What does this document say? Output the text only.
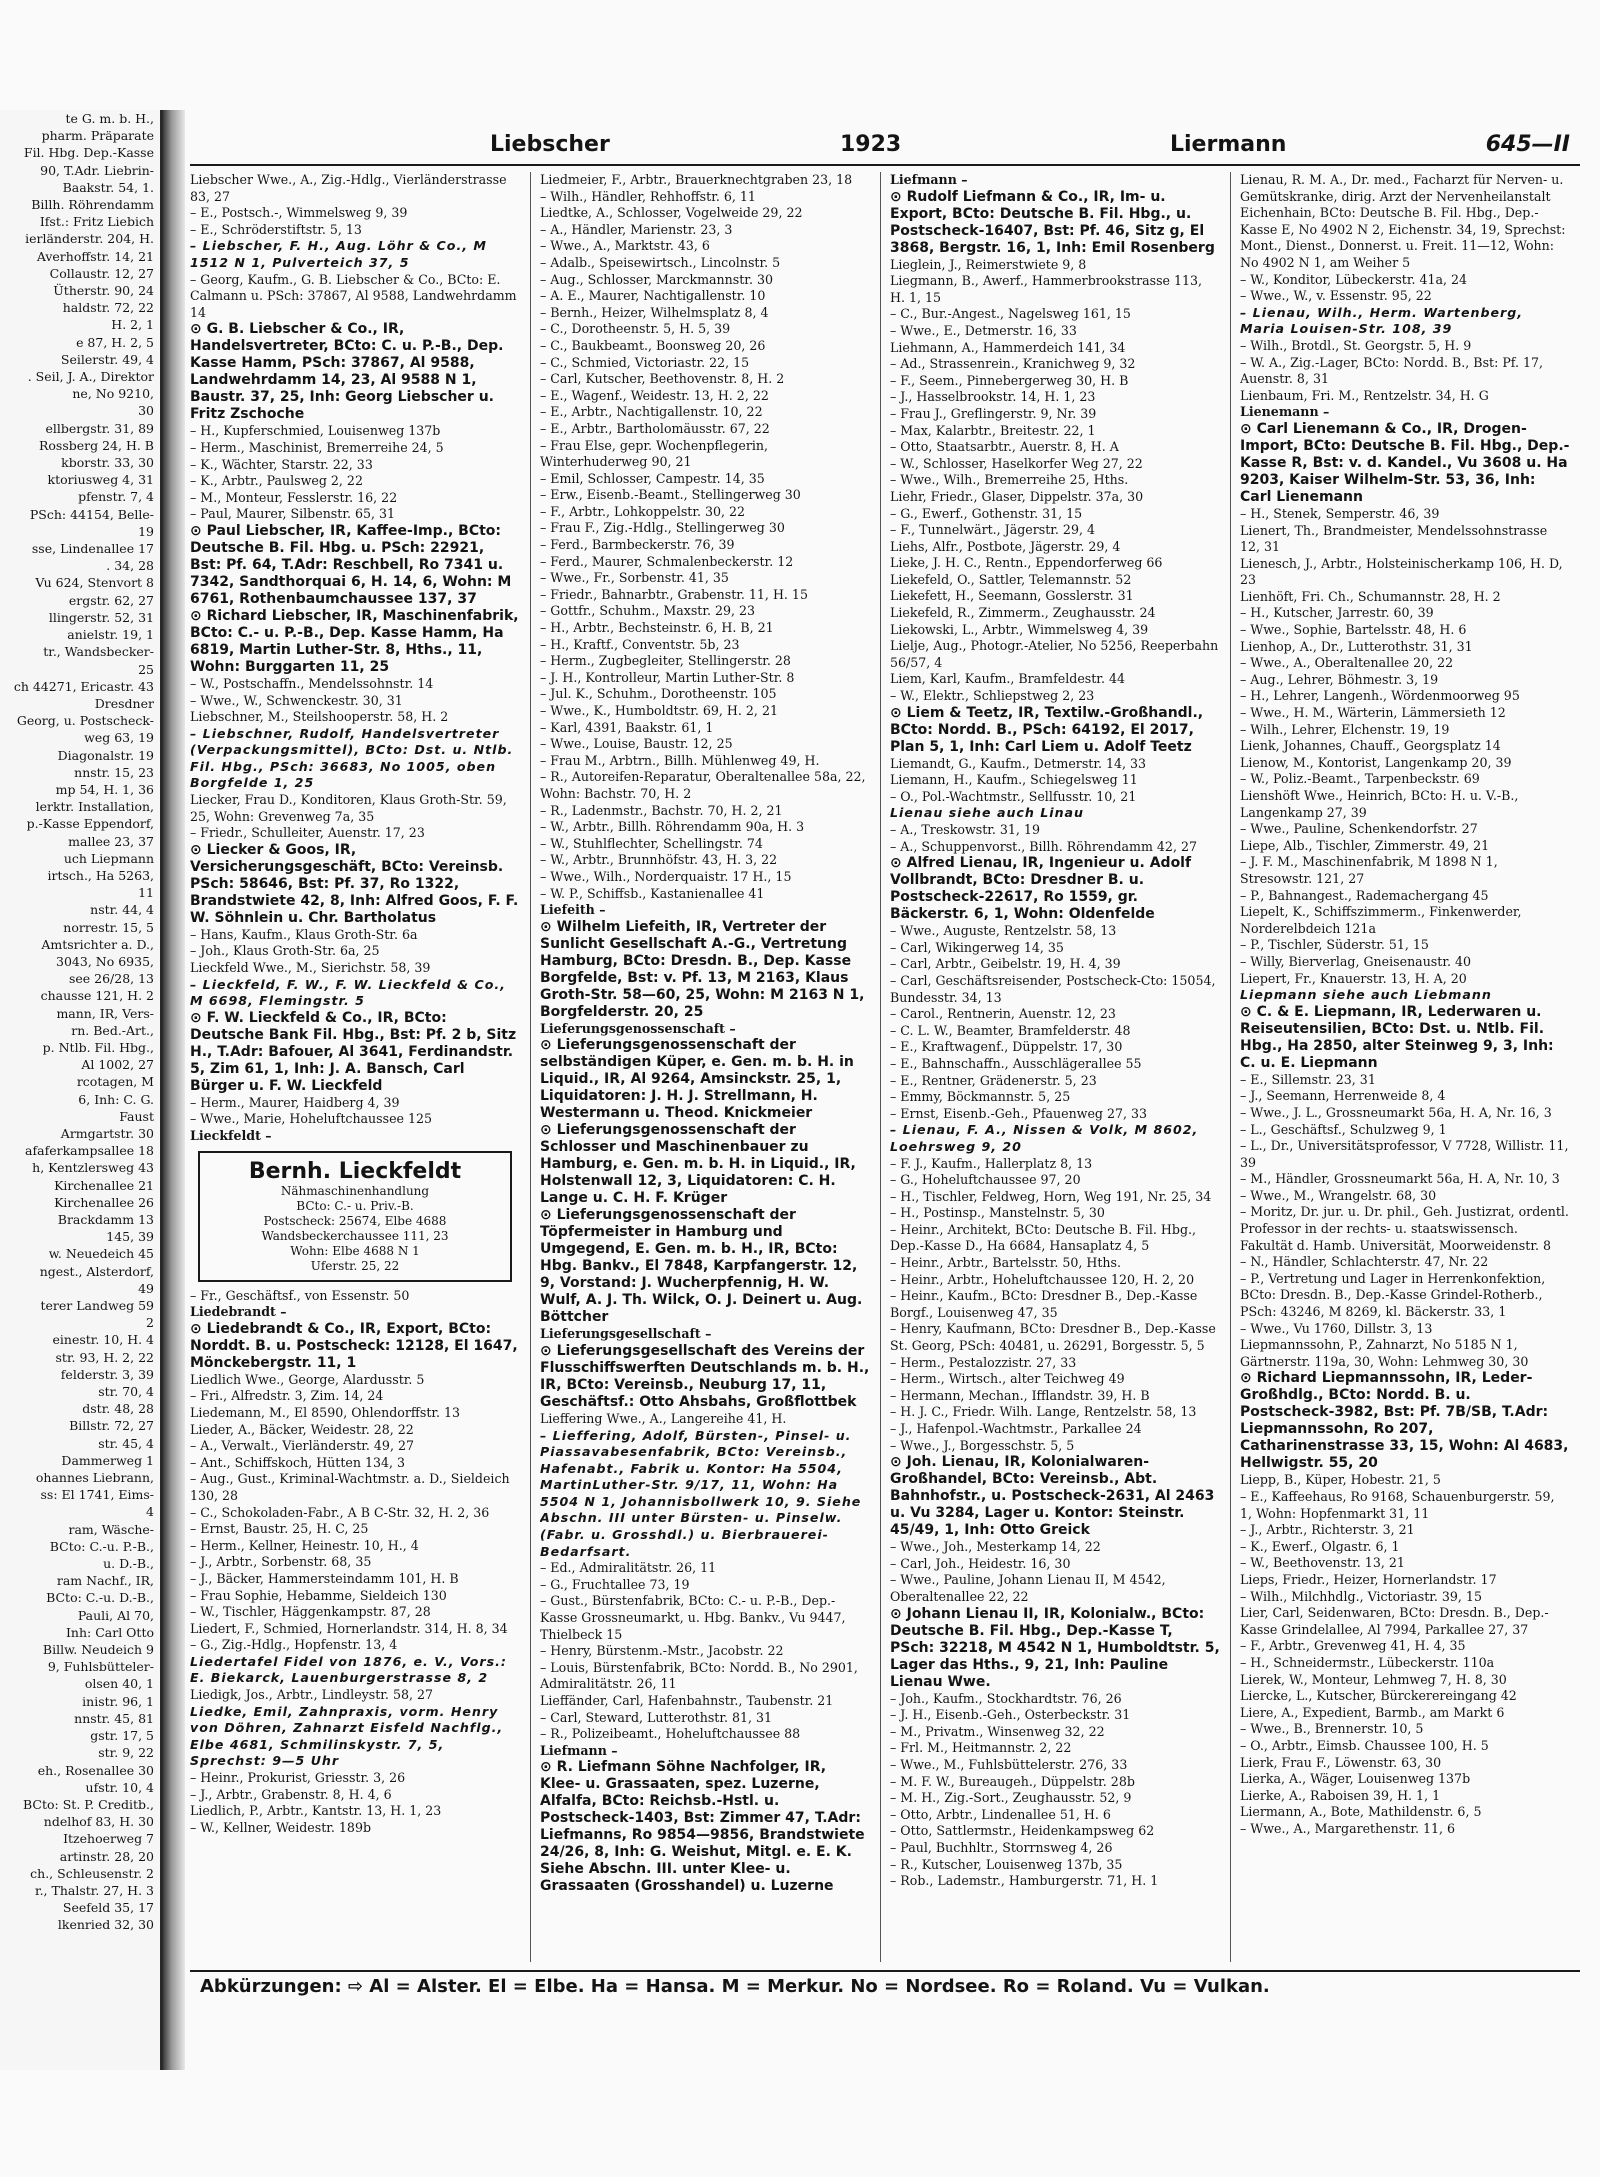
te G. m. b. H.,
pharm. Präparate
Fil. Hbg. Dep.-Kasse
90, T.Adr. Liebrin-
Baakstr. 54, 1.
Billh. Röhrendamm
Ifst.: Fritz Liebich
ierländerstr. 204, H.
Averhoffstr. 14, 21
Collaustr. 12, 27
Ütherstr. 90, 24
haldstr. 72, 22
H. 2, 1
e 87, H. 2, 5
Seilerstr. 49, 4
. Seil, J. A., Direktor
ne, No 9210,
30
ellbergstr. 31, 89
Rossberg 24, H. B
kborstr. 33, 30
ktoriusweg 4, 31
pfenstr. 7, 4
PSch: 44154, Belle-
19
sse, Lindenallee 17
. 34, 28
Vu 624, Stenvort 8
ergstr. 62, 27
llingerstr. 52, 31
anielstr. 19, 1
tr., Wandsbecker-
25
ch 44271, Ericastr. 43
Dresdner
Georg, u. Postscheck-
weg 63, 19
Diagonalstr. 19
nnstr. 15, 23
mp 54, H. 1, 36
lerktr. Installation,
p.-Kasse Eppendorf,
mallee 23, 37
uch Liepmann
irtsch., Ha 5263,
11
nstr. 44, 4
norrestr. 15, 5
Amtsrichter a. D.,
3043, No 6935,
see 26/28, 13
chausse 121, H. 2
mann, IR, Vers-
rn. Bed.-Art.,
p. Ntlb. Fil. Hbg.,
Al 1002, 27
rcotagen, M
6, Inh: C. G.
Faust
Armgartstr. 30
afaferkampsallee 18
h, Kentzlersweg 43
Kirchenallee 21
Kirchenallee 26
Brackdamm 13
145, 39
w. Neuedeich 45
ngest., Alsterdorf,
49
terer Landweg 59
2
einestr. 10, H. 4
str. 93, H. 2, 22
felderstr. 3, 39
str. 70, 4
dstr. 48, 28
Billstr. 72, 27
str. 45, 4
Dammerweg 1
ohannes Liebrann,
ss: El 1741, Eims-
4
ram, Wäsche-
BCto: C.-u. P.-B.,
u. D.-B.,
ram Nachf., IR,
BCto: C.-u. D.-B.,
Pauli, Al 70,
Inh: Carl Otto
Billw. Neudeich 9
9, Fuhlsbütteler-
olsen 40, 1
inistr. 96, 1
nnstr. 45, 81
gstr. 17, 5
str. 9, 22
eh., Rosenallee 30
ufstr. 10, 4
BCto: St. P. Creditb.,
ndelhof 83, H. 30
Itzehoerweg 7
artinstr. 28, 20
ch., Schleusenstr. 2
r., Thalstr. 27, H. 3
Seefeld 35, 17
lkenried 32, 30
Liebscher	1923	Liermann	645—II

Liebscher Wwe., A., Zig.-Hdlg., Vierländerstrasse 83, 27

– E., Postsch.-, Wimmelsweg 9, 39

– E., Schröderstiftstr. 5, 13

– Liebscher, F. H., Aug. Löhr & Co., M 1512 N 1, Pulverteich 37, 5

– Georg, Kaufm., G. B. Liebscher & Co., BCto: E. Calmann u. PSch: 37867, Al 9588, Landwehrdamm 14

⊙ G. B. Liebscher & Co., IR, Handelsvertreter, BCto: C. u. P.-B., Dep. Kasse Hamm, PSch: 37867, Al 9588, Landwehrdamm 14, 23, Al 9588 N 1, Baustr. 37, 25, Inh: Georg Liebscher u. Fritz Zschoche

– H., Kupferschmied, Louisenweg 137b

– Herm., Maschinist, Bremerreihe 24, 5

– K., Wächter, Starstr. 22, 33

– K., Arbtr., Paulsweg 2, 22

– M., Monteur, Fesslerstr. 16, 22

– Paul, Maurer, Silbenstr. 65, 31

⊙ Paul Liebscher, IR, Kaffee-Imp., BCto: Deutsche B. Fil. Hbg. u. PSch: 22921, Bst: Pf. 64, T.Adr: Reschbell, Ro 7341 u. 7342, Sandthorquai 6, H. 14, 6, Wohn: M 6761, Rothenbaumchaussee 137, 37

⊙ Richard Liebscher, IR, Maschinenfabrik, BCto: C.- u. P.-B., Dep. Kasse Hamm, Ha 6819, Martin Luther-Str. 8, Hths., 11, Wohn: Burggarten 11, 25

– W., Postschaffn., Mendelssohnstr. 14

– Wwe., W., Schwenckestr. 30, 31

Liebschner, M., Steilshooperstr. 58, H. 2

– Liebschner, Rudolf, Handelsvertreter (Verpackungsmittel), BCto: Dst. u. Ntlb. Fil. Hbg., PSch: 36683, No 1005, oben Borgfelde 1, 25

Liecker, Frau D., Konditoren, Klaus Groth-Str. 59, 25, Wohn: Grevenweg 7a, 35

– Friedr., Schulleiter, Auenstr. 17, 23

⊙ Liecker & Goos, IR, Versicherungsgeschäft, BCto: Vereinsb. PSch: 58646, Bst: Pf. 37, Ro 1322, Brandstwiete 42, 8, Inh: Alfred Goos, F. F. W. Söhnlein u. Chr. Bartholatus

– Hans, Kaufm., Klaus Groth-Str. 6a

– Joh., Klaus Groth-Str. 6a, 25

Lieckfeld Wwe., M., Sierichstr. 58, 39

– Lieckfeld, F. W., F. W. Lieckfeld & Co., M 6698, Flemingstr. 5

⊙ F. W. Lieckfeld & Co., IR, BCto: Deutsche Bank Fil. Hbg., Bst: Pf. 2 b, Sitz H., T.Adr: Bafouer, Al 3641, Ferdinandstr. 5, Zim 61, 1, Inh: J. A. Bansch, Carl Bürger u. F. W. Lieckfeld

– Herm., Maurer, Haidberg 4, 39

– Wwe., Marie, Hoheluftchaussee 125

Lieckfeldt –

Bernh. Lieckfeldt
Nähmaschinenhandlung
BCto: C.- u. Priv.-B.
Postscheck: 25674, Elbe 4688
Wandsbeckerchaussee 111, 23
Wohn: Elbe 4688 N 1
Uferstr. 25, 22

– Fr., Geschäftsf., von Essenstr. 50

Liedebrandt –

⊙ Liedebrandt & Co., IR, Export, BCto: Norddt. B. u. Postscheck: 12128, El 1647, Mönckebergstr. 11, 1

Liedlich Wwe., George, Alardusstr. 5

– Fri., Alfredstr. 3, Zim. 14, 24

Liedemann, M., El 8590, Ohlendorffstr. 13

Lieder, A., Bäcker, Weidestr. 28, 22

– A., Verwalt., Vierländerstr. 49, 27

– Ant., Schiffskoch, Hütten 134, 3

– Aug., Gust., Kriminal-Wachtmstr. a. D., Sieldeich 130, 28

– C., Schokoladen-Fabr., A B C-Str. 32, H. 2, 36

– Ernst, Baustr. 25, H. C, 25

– Herm., Kellner, Heinestr. 10, H., 4

– J., Arbtr., Sorbenstr. 68, 35

– J., Bäcker, Hammersteindamm 101, H. B

– Frau Sophie, Hebamme, Sieldeich 130

– W., Tischler, Häggenkampstr. 87, 28

Liedert, F., Schmied, Hornerlandstr. 314, H. 8, 34

– G., Zig.-Hdlg., Hopfenstr. 13, 4

Liedertafel Fidel von 1876, e. V., Vors.: E. Biekarck, Lauenburgerstrasse 8, 2

Liedigk, Jos., Arbtr., Lindleystr. 58, 27

Liedke, Emil, Zahnpraxis, vorm. Henry von Döhren, Zahnarzt Eisfeld Nachflg., Elbe 4681, Schmilinskystr. 7, 5, Sprechst: 9—5 Uhr

– Heinr., Prokurist, Griesstr. 3, 26

– J., Arbtr., Grabenstr. 8, H. 4, 6

Liedlich, P., Arbtr., Kantstr. 13, H. 1, 23

– W., Kellner, Weidestr. 189b

Liedmeier, F., Arbtr., Brauerknechtgraben 23, 18

– Wilh., Händler, Rehhoffstr. 6, 11

Liedtke, A., Schlosser, Vogelweide 29, 22

– A., Händler, Marienstr. 23, 3

– Wwe., A., Marktstr. 43, 6

– Adalb., Speisewirtsch., Lincolnstr. 5

– Aug., Schlosser, Marckmannstr. 30

– A. E., Maurer, Nachtigallenstr. 10

– Bernh., Heizer, Wilhelmsplatz 8, 4

– C., Dorotheenstr. 5, H. 5, 39

– C., Baukbeamt., Boonsweg 20, 26

– C., Schmied, Victoriastr. 22, 15

– Carl, Kutscher, Beethovenstr. 8, H. 2

– E., Wagenf., Weidestr. 13, H. 2, 22

– E., Arbtr., Nachtigallenstr. 10, 22

– E., Arbtr., Bartholomäusstr. 67, 22

– Frau Else, gepr. Wochenpflegerin, Winterhuderweg 90, 21

– Emil, Schlosser, Campestr. 14, 35

– Erw., Eisenb.-Beamt., Stellingerweg 30

– F., Arbtr., Lohkoppelstr. 30, 22

– Frau F., Zig.-Hdlg., Stellingerweg 30

– Ferd., Barmbeckerstr. 76, 39

– Ferd., Maurer, Schmalenbeckerstr. 12

– Wwe., Fr., Sorbenstr. 41, 35

– Friedr., Bahnarbtr., Grabenstr. 11, H. 15

– Gottfr., Schuhm., Maxstr. 29, 23

– H., Arbtr., Bechsteinstr. 6, H. B, 21

– H., Kraftf., Conventstr. 5b, 23

– Herm., Zugbegleiter, Stellingerstr. 28

– J. H., Kontrolleur, Martin Luther-Str. 8

– Jul. K., Schuhm., Dorotheenstr. 105

– Wwe., K., Humboldtstr. 69, H. 2, 21

– Karl, 4391, Baakstr. 61, 1

– Wwe., Louise, Baustr. 12, 25

– Frau M., Arbtrn., Billh. Mühlenweg 49, H.

– R., Autoreifen-Reparatur, Oberaltenallee 58a, 22, Wohn: Bachstr. 70, H. 2

– R., Ladenmstr., Bachstr. 70, H. 2, 21

– W., Arbtr., Billh. Röhrendamm 90a, H. 3

– W., Stuhlflechter, Schellingstr. 74

– W., Arbtr., Brunnhöfstr. 43, H. 3, 22

– Wwe., Wilh., Norderquaistr. 17 H., 15

– W. P., Schiffsb., Kastanienallee 41

Liefeith –

⊙ Wilhelm Liefeith, IR, Vertreter der Sunlicht Gesellschaft A.-G., Vertretung Hamburg, BCto: Dresdn. B., Dep. Kasse Borgfelde, Bst: v. Pf. 13, M 2163, Klaus Groth-Str. 58—60, 25, Wohn: M 2163 N 1, Borgfelderstr. 20, 25

Lieferungsgenossenschaft –

⊙ Lieferungsgenossenschaft der selbständigen Küper, e. Gen. m. b. H. in Liquid., IR, Al 9264, Amsinckstr. 25, 1, Liquidatoren: J. H. J. Strellmann, H. Westermann u. Theod. Knickmeier

⊙ Lieferungsgenossenschaft der Schlosser und Maschinenbauer zu Hamburg, e. Gen. m. b. H. in Liquid., IR, Holstenwall 12, 3, Liquidatoren: C. H. Lange u. C. H. F. Krüger

⊙ Lieferungsgenossenschaft der Töpfermeister in Hamburg und Umgegend, E. Gen. m. b. H., IR, BCto: Hbg. Bankv., El 7848, Karpfangerstr. 12, 9, Vorstand: J. Wucherpfennig, H. W. Wulf, A. J. Th. Wilck, O. J. Deinert u. Aug. Böttcher

Lieferungsgesellschaft –

⊙ Lieferungsgesellschaft des Vereins der Flusschiffswerften Deutschlands m. b. H., IR, BCto: Vereinsb., Neuburg 17, 11, Geschäftsf.: Otto Ahsbahs, Großflottbek

Lieffering Wwe., A., Langereihe 41, H.

– Lieffering, Adolf, Bürsten-, Pinsel- u. Piassavabesenfabrik, BCto: Vereinsb., Hafenabt., Fabrik u. Kontor: Ha 5504, MartinLuther-Str. 9/17, 11, Wohn: Ha 5504 N 1, Johannisbollwerk 10, 9. Siehe Abschn. III unter Bürsten- u. Pinselw. (Fabr. u. Grosshdl.) u. Bierbrauerei-Bedarfsart.

– Ed., Admiralitätstr. 26, 11

– G., Fruchtallee 73, 19

– Gust., Bürstenfabrik, BCto: C.- u. P.-B., Dep.-Kasse Grossneumarkt, u. Hbg. Bankv., Vu 9447, Thielbeck 15

– Henry, Bürstenm.-Mstr., Jacobstr. 22

– Louis, Bürstenfabrik, BCto: Nordd. B., No 2901, Admiralitätstr. 26, 11

Lieffänder, Carl, Hafenbahnstr., Taubenstr. 21

– Carl, Steward, Lutterothstr. 81, 31

– R., Polizeibeamt., Hoheluftchaussee 88

Liefmann –

⊙ R. Liefmann Söhne Nachfolger, IR, Klee- u. Grassaaten, spez. Luzerne, Alfalfa, BCto: Reichsb.-Hstl. u. Postscheck-1403, Bst: Zimmer 47, T.Adr: Liefmanns, Ro 9854—9856, Brandstwiete 24/26, 8, Inh: G. Weishut, Mitgl. e. E. K. Siehe Abschn. III. unter Klee- u. Grassaaten (Grosshandel) u. Luzerne

Liefmann –

⊙ Rudolf Liefmann & Co., IR, Im- u. Export, BCto: Deutsche B. Fil. Hbg., u. Postscheck-16407, Bst: Pf. 46, Sitz g, El 3868, Bergstr. 16, 1, Inh: Emil Rosenberg

Lieglein, J., Reimerstwiete 9, 8

Liegmann, B., Awerf., Hammerbrookstrasse 113, H. 1, 15

– C., Bur.-Angest., Nagelsweg 161, 15

– Wwe., E., Detmerstr. 16, 33

Liehmann, A., Hammerdeich 141, 34

– Ad., Strassenrein., Kranichweg 9, 32

– F., Seem., Pinnebergerweg 30, H. B

– J., Hasselbrookstr. 14, H. 1, 23

– Frau J., Greflingerstr. 9, Nr. 39

– Max, Kalarbtr., Breitestr. 22, 1

– Otto, Staatsarbtr., Auerstr. 8, H. A

– W., Schlosser, Haselkorfer Weg 27, 22

– Wwe., Wilh., Bremerreihe 25, Hths.

Liehr, Friedr., Glaser, Dippelstr. 37a, 30

– G., Ewerf., Gothenstr. 31, 15

– F., Tunnelwärt., Jägerstr. 29, 4

Liehs, Alfr., Postbote, Jägerstr. 29, 4

Lieke, J. H. C., Rentn., Eppendorferweg 66

Liekefeld, O., Sattler, Telemannstr. 52

Liekefett, H., Seemann, Gosslerstr. 31

Liekefeld, R., Zimmerm., Zeughausstr. 24

Liekowski, L., Arbtr., Wimmelsweg 4, 39

Lielje, Aug., Photogr.-Atelier, No 5256, Reeperbahn 56/57, 4

Liem, Karl, Kaufm., Bramfeldestr. 44

– W., Elektr., Schliepstweg 2, 23

⊙ Liem & Teetz, IR, Textilw.-Großhandl., BCto: Nordd. B., PSch: 64192, El 2017, Plan 5, 1, Inh: Carl Liem u. Adolf Teetz

Liemandt, G., Kaufm., Detmerstr. 14, 33

Liemann, H., Kaufm., Schiegelsweg 11

– O., Pol.-Wachtmstr., Sellfusstr. 10, 21

Lienau siehe auch Linau

– A., Treskowstr. 31, 19

– A., Schuppenvorst., Billh. Röhrendamm 42, 27

⊙ Alfred Lienau, IR, Ingenieur u. Adolf Vollbrandt, BCto: Dresdner B. u. Postscheck-22617, Ro 1559, gr. Bäckerstr. 6, 1, Wohn: Oldenfelde

– Wwe., Auguste, Rentzelstr. 58, 13

– Carl, Wikingerweg 14, 35

– Carl, Arbtr., Geibelstr. 19, H. 4, 39

– Carl, Geschäftsreisender, Postscheck-Cto: 15054, Bundesstr. 34, 13

– Carol., Rentnerin, Auenstr. 12, 23

– C. L. W., Beamter, Bramfelderstr. 48

– E., Kraftwagenf., Düppelstr. 17, 30

– E., Bahnschaffn., Ausschlägerallee 55

– E., Rentner, Grädenerstr. 5, 23

– Emmy, Böckmannstr. 5, 25

– Ernst, Eisenb.-Geh., Pfauenweg 27, 33

– Lienau, F. A., Nissen & Volk, M 8602, Loehrsweg 9, 20

– F. J., Kaufm., Hallerplatz 8, 13

– G., Hoheluftchaussee 97, 20

– H., Tischler, Feldweg, Horn, Weg 191, Nr. 25, 34

– H., Postinsp., Manstelnstr. 5, 30

– Heinr., Architekt, BCto: Deutsche B. Fil. Hbg., Dep.-Kasse D., Ha 6684, Hansaplatz 4, 5

– Heinr., Arbtr., Bartelsstr. 50, Hths.

– Heinr., Arbtr., Hoheluftchaussee 120, H. 2, 20

– Heinr., Kaufm., BCto: Dresdner B., Dep.-Kasse Borgf., Louisenweg 47, 35

– Henry, Kaufmann, BCto: Dresdner B., Dep.-Kasse St. Georg, PSch: 40481, u. 26291, Borgesstr. 5, 5

– Herm., Pestalozzistr. 27, 33

– Herm., Wirtsch., alter Teichweg 49

– Hermann, Mechan., Ifflandstr. 39, H. B

– H. J. C., Friedr. Wilh. Lange, Rentzelstr. 58, 13

– J., Hafenpol.-Wachtmstr., Parkallee 24

– Wwe., J., Borgesschstr. 5, 5

⊙ Joh. Lienau, IR, Kolonialwaren-Großhandel, BCto: Vereinsb., Abt. Bahnhofstr., u. Postscheck-2631, Al 2463 u. Vu 3284, Lager u. Kontor: Steinstr. 45/49, 1, Inh: Otto Greick

– Wwe., Joh., Mesterkamp 14, 22

– Carl, Joh., Heidestr. 16, 30

– Wwe., Pauline, Johann Lienau II, M 4542, Oberaltenallee 22, 22

⊙ Johann Lienau II, IR, Kolonialw., BCto: Deutsche B. Fil. Hbg., Dep.-Kasse T, PSch: 32218, M 4542 N 1, Humboldtstr. 5, Lager das Hths., 9, 21, Inh: Pauline Lienau Wwe.

– Joh., Kaufm., Stockhardtstr. 76, 26

– J. H., Eisenb.-Geh., Osterbeckstr. 31

– M., Privatm., Winsenweg 32, 22

– Frl. M., Heitmannstr. 2, 22

– Wwe., M., Fuhlsbüttelerstr. 276, 33

– M. F. W., Bureaugeh., Düppelstr. 28b

– M. H., Zig.-Sort., Zeughausstr. 52, 9

– Otto, Arbtr., Lindenallee 51, H. 6

– Otto, Sattlermstr., Heidenkampsweg 62

– Paul, Buchhltr., Storrnsweg 4, 26

– R., Kutscher, Louisenweg 137b, 35

– Rob., Lademstr., Hamburgerstr. 71, H. 1

Lienau, R. M. A., Dr. med., Facharzt für Nerven- u. Gemütskranke, dirig. Arzt der Nervenheilanstalt Eichenhain, BCto: Deutsche B. Fil. Hbg., Dep.-Kasse E, No 4902 N 2, Eichenstr. 34, 19, Sprechst: Mont., Dienst., Donnerst. u. Freit. 11—12, Wohn: No 4902 N 1, am Weiher 5

– W., Konditor, Lübeckerstr. 41a, 24

– Wwe., W., v. Essenstr. 95, 22

– Lienau, Wilh., Herm. Wartenberg, Maria Louisen-Str. 108, 39

– Wilh., Brotdl., St. Georgstr. 5, H. 9

– W. A., Zig.-Lager, BCto: Nordd. B., Bst: Pf. 17, Auenstr. 8, 31

Lienbaum, Fri. M., Rentzelstr. 34, H. G

Lienemann –

⊙ Carl Lienemann & Co., IR, Drogen-Import, BCto: Deutsche B. Fil. Hbg., Dep.-Kasse R, Bst: v. d. Kandel., Vu 3608 u. Ha 9203, Kaiser Wilhelm-Str. 53, 36, Inh: Carl Lienemann

– H., Stenek, Semperstr. 46, 39

Lienert, Th., Brandmeister, Mendelssohnstrasse 12, 31

Lienesch, J., Arbtr., Holsteinischerkamp 106, H. D, 23

Lienhöft, Fri. Ch., Schumannstr. 28, H. 2

– H., Kutscher, Jarrestr. 60, 39

– Wwe., Sophie, Bartelsstr. 48, H. 6

Lienhop, A., Dr., Lutterothstr. 31, 31

– Wwe., A., Oberaltenallee 20, 22

– Aug., Lehrer, Böhmestr. 3, 19

– H., Lehrer, Langenh., Wördenmoorweg 95

– Wwe., H. M., Wärterin, Lämmersieth 12

– Wilh., Lehrer, Elchenstr. 19, 19

Lienk, Johannes, Chauff., Georgsplatz 14

Lienow, M., Kontorist, Langenkamp 20, 39

– W., Poliz.-Beamt., Tarpenbeckstr. 69

Lienshöft Wwe., Heinrich, BCto: H. u. V.-B., Langenkamp 27, 39

– Wwe., Pauline, Schenkendorfstr. 27

Liepe, Alb., Tischler, Zimmerstr. 49, 21

– J. F. M., Maschinenfabrik, M 1898 N 1, Stresowstr. 121, 27

– P., Bahnangest., Rademachergang 45

Liepelt, K., Schiffszimmerm., Finkenwerder, Norderelbdeich 121a

– P., Tischler, Süderstr. 51, 15

– Willy, Bierverlag, Gneisenaustr. 40

Liepert, Fr., Knauerstr. 13, H. A, 20

Liepmann siehe auch Liebmann

⊙ C. & E. Liepmann, IR, Lederwaren u. Reiseutensilien, BCto: Dst. u. Ntlb. Fil. Hbg., Ha 2850, alter Steinweg 9, 3, Inh: C. u. E. Liepmann

– E., Sillemstr. 23, 31

– J., Seemann, Herrenweide 8, 4

– Wwe., J. L., Grossneumarkt 56a, H. A, Nr. 16, 3

– L., Geschäftsf., Schulzweg 9, 1

– L., Dr., Universitätsprofessor, V 7728, Willistr. 11, 39

– M., Händler, Grossneumarkt 56a, H. A, Nr. 10, 3

– Wwe., M., Wrangelstr. 68, 30

– Moritz, Dr. jur. u. Dr. phil., Geh. Justizrat, ordentl. Professor in der rechts- u. staatswissensch. Fakultät d. Hamb. Universität, Moorweidenstr. 8

– N., Händler, Schlachterstr. 47, Nr. 22

– P., Vertretung und Lager in Herrenkonfektion, BCto: Dresdn. B., Dep.-Kasse Grindel-Rotherb., PSch: 43246, M 8269, kl. Bäckerstr. 33, 1

– Wwe., Vu 1760, Dillstr. 3, 13

Liepmannssohn, P., Zahnarzt, No 5185 N 1, Gärtnerstr. 119a, 30, Wohn: Lehmweg 30, 30

⊙ Richard Liepmannssohn, IR, Leder-Großhdlg., BCto: Nordd. B. u. Postscheck-3982, Bst: Pf. 7B/SB, T.Adr: Liepmannssohn, Ro 207, Catharinenstrasse 33, 15, Wohn: Al 4683, Hellwigstr. 55, 20

Liepp, B., Küper, Hobestr. 21, 5

– E., Kaffeehaus, Ro 9168, Schauenburgerstr. 59, 1, Wohn: Hopfenmarkt 31, 11

– J., Arbtr., Richterstr. 3, 21

– K., Ewerf., Olgastr. 6, 1

– W., Beethovenstr. 13, 21

Lieps, Friedr., Heizer, Hornerlandstr. 17

– Wilh., Milchhdlg., Victoriastr. 39, 15

Lier, Carl, Seidenwaren, BCto: Dresdn. B., Dep.-Kasse Grindelallee, Al 7994, Parkallee 27, 37

– F., Arbtr., Grevenweg 41, H. 4, 35

– H., Schneidermstr., Lübeckerstr. 110a

Lierek, W., Monteur, Lehmweg 7, H. 8, 30

Liercke, L., Kutscher, Bürckerereingang 42

Liere, A., Expedient, Barmb., am Markt 6

– Wwe., B., Brennerstr. 10, 5

– O., Arbtr., Eimsb. Chaussee 100, H. 5

Lierk, Frau F., Löwenstr. 63, 30

Lierka, A., Wäger, Louisenweg 137b

Lierke, A., Raboisen 39, H. 1, 1

Liermann, A., Bote, Mathildenstr. 6, 5

– Wwe., A., Margarethenstr. 11, 6

Abkürzungen: ⇨ Al = Alster. El = Elbe. Ha = Hansa. M = Merkur. No = Nordsee. Ro = Roland. Vu = Vulkan.
